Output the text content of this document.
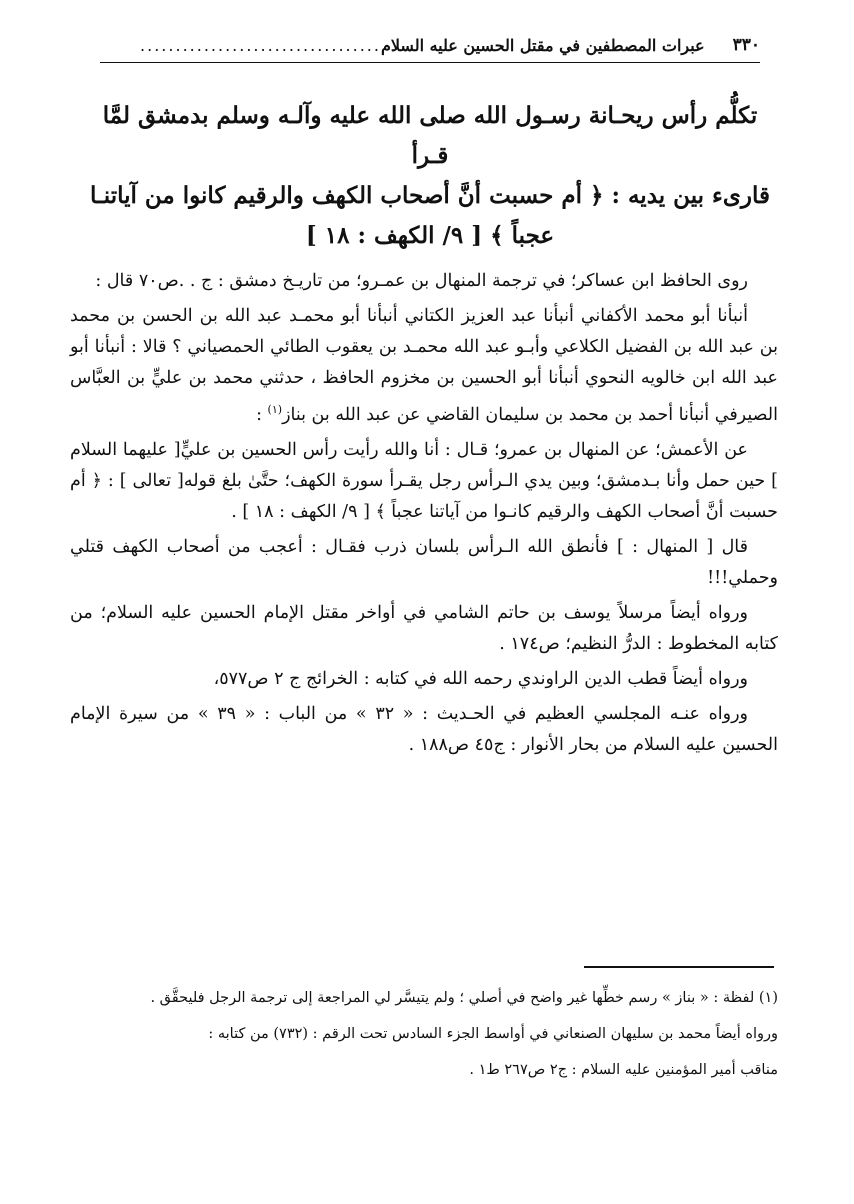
٣٣٠
عبرات المصطفين في مقتل الحسين عليه السلام
..................................
تكلُّم رأس ريحـانة رسـول الله صلى الله عليه وآلـه وسلم بدمشق لمَّا قـرأ
قارىء بين يديه : ﴿ أم حسبت أنَّ أصحاب الكهف والرقيم كانوا من آياتنـا
عجباً ﴾ [ ٩/ الكهف : ١٨ ]

روى الحافظ ابن عساكر؛ في ترجمة المنهال بن عمـرو؛ من تاريـخ دمشق : ج . .ص٧٠ قال :

أنبأنا أبو محمد الأكفاني أنبأنا عبد العزيز الكتاني أنبأنا أبو محمـد عبد الله بن الحسن بن محمد بن عبد الله بن الفضيل الكلاعي وأبـو عبد الله محمـد بن يعقوب الطائي الحمصياني ؟ قالا : أنبأنا أبو عبد الله ابن خالويه النحوي أنبأنا أبو الحسين بن مخزوم الحافظ ، حدثني محمد بن عليٍّ بن العبَّاس الصيرفي أنبأنا أحمد بن محمد بن سليمان القاضي عن عبد الله بن بناز$^{(١)}$ :

عن الأعمش؛ عن المنهال بن عمرو؛ قـال : أنا والله رأيت رأس الحسين بن عليٍّ[ عليهما السلام ] حين حمل وأنا بـدمشق؛ وبين يدي الـرأس رجل يقـرأ سورة الكهف؛ حتَّىٰ بلغ قوله[ تعالى ] : ﴿ أم حسبت أنَّ أصحاب الكهف والرقيم كانـوا من آياتنا عجباً ﴾ [ ٩/ الكهف : ١٨ ] .

قال [ المنهال : ] فأنطق الله الـرأس بلسان ذرب فقـال : أعجب من أصحاب الكهف قتلي وحملي!!!

ورواه أيضاً مرسلاً يوسف بن حاتم الشامي في أواخر مقتل الإمام الحسين عليه السلام؛ من كتابه المخطوط : الدرُّ النظيم؛ ص١٧٤ .

ورواه أيضاً قطب الدين الراوندي رحمه الله في كتابه : الخرائج ج ٢ ص٥٧٧،

ورواه عنـه المجلسي العظيم في الحـديث : « ٣٢ » من الباب : « ٣٩ » من سيرة الإمام الحسين عليه السلام من بحار الأنوار : ج٤٥ ص١٨٨ .

(١) لفظة : « بناز » رسم خطِّها غير واضح في أصلي ؛ ولم يتيسَّر لي المراجعة إلى ترجمة الرجل فليحقَّق .

ورواه أيضاً محمد بن سليهان الصنعاني في أواسط الجزء السادس تحت الرقم : (٧٣٢) من كتابه :

مناقب أمير المؤمنين عليه السلام : ج٢ ص٢٦٧ ط١ .
